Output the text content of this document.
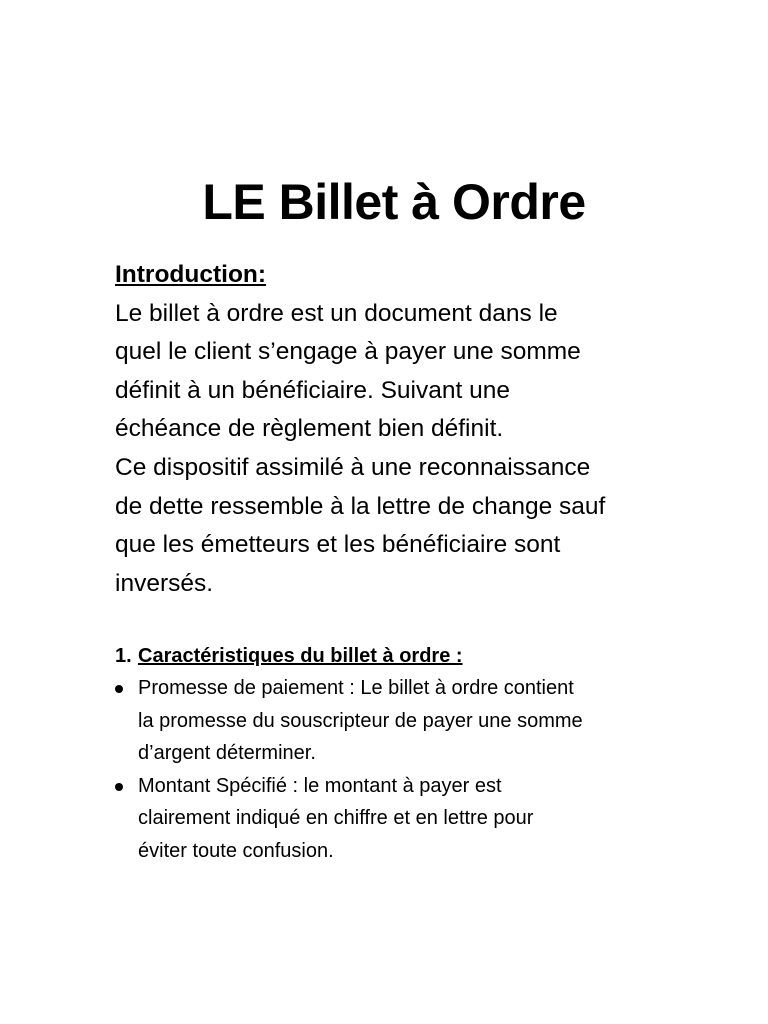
LE Billet à Ordre
Introduction:
Le billet à ordre est un document dans le
quel le client s’engage à payer une somme
définit à un bénéficiaire. Suivant une
échéance de règlement bien définit.
Ce dispositif assimilé à une reconnaissance
de dette ressemble à la lettre de change sauf
que les émetteurs et les bénéficiaire sont
inversés.
1. Caractéristiques du billet à ordre :
Promesse de paiement : Le billet à ordre contient
la promesse du souscripteur de payer une somme
d’argent déterminer.
Montant Spécifié : le montant à payer est
clairement indiqué en chiffre et en lettre pour
éviter toute confusion.
